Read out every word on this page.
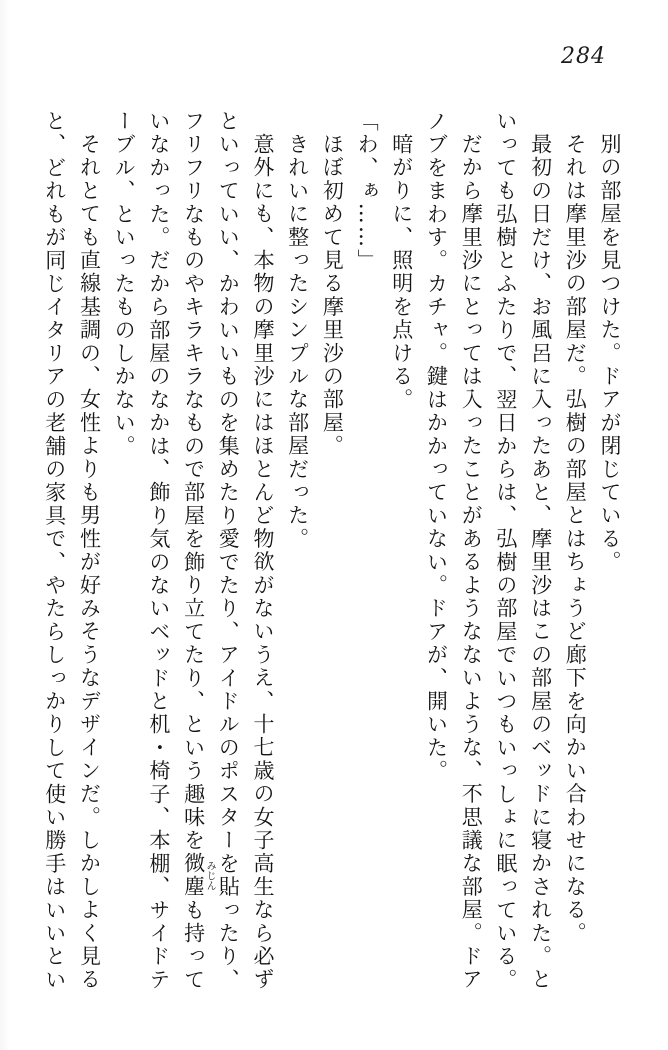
284

別の部屋を見つけた。ドアが閉じている。

それは摩里沙の部屋だ。弘樹の部屋とはちょうど廊下を向かい合わせになる。

最初の日だけ、お風呂に入ったあと、摩里沙はこの部屋のベッドに寝かされた。といっても弘樹とふたりで、翌日からは、弘樹の部屋でいつもいっしょに眠っている。

だから摩里沙にとっては入ったことがあるようなないような、不思議な部屋。ドアノブをまわす。カチャ。鍵はかかっていない。ドアが、開いた。

暗がりに、照明を点ける。

「わ、ぁ……」

ほぼ初めて見る摩里沙の部屋。

きれいに整ったシンプルな部屋だった。

意外にも、本物の摩里沙にはほとんど物欲がないうえ、十七歳の女子高生なら必ずといっていい、かわいいものを集めたり愛でたり、アイドルのポスターを貼ったり、フリフリなものやキラキラなもので部屋を飾り立てたり、という趣味を微塵みじんも持っていなかった。だから部屋のなかは、飾り気のないベッドと机・椅子、本棚、サイドテーブル、といったものしかない。

それとても直線基調の、女性よりも男性が好みそうなデザインだ。しかしよく見ると、どれもが同じイタリアの老舗の家具で、やたらしっかりして使い勝手はいいとい
